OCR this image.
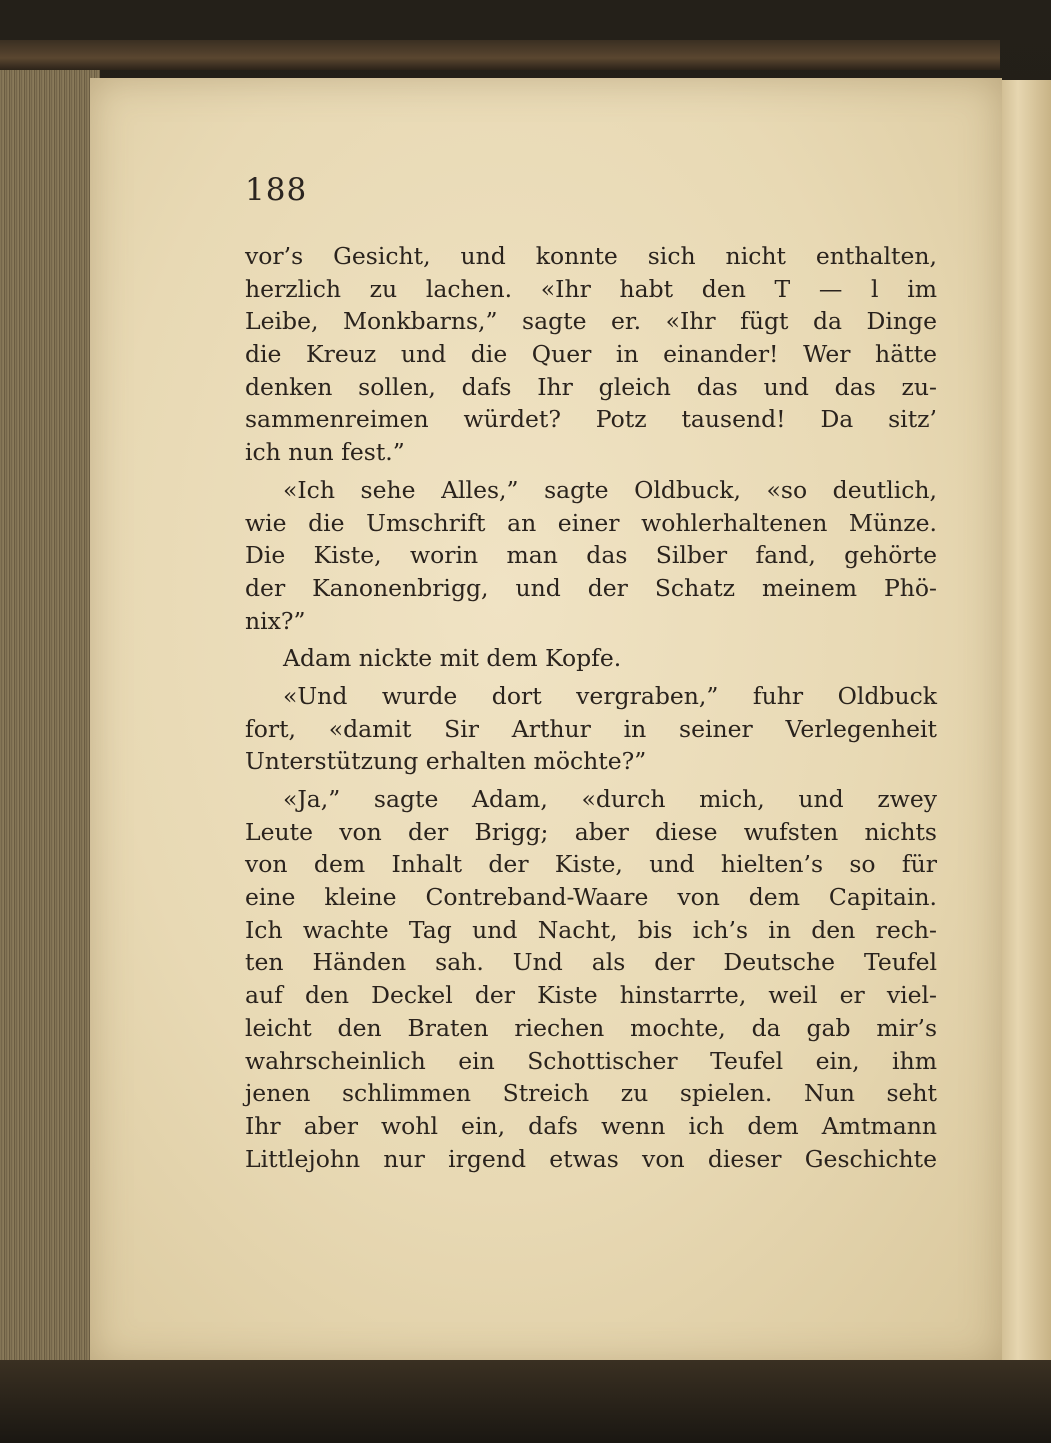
188
vor’s Gesicht, und konnte sich nicht enthalten,
herzlich zu lachen. «Ihr habt den T — l im
Leibe, Monkbarns,” sagte er. «Ihr fügt da Dinge
die Kreuz und die Quer in einander! Wer hätte
denken sollen, dafs Ihr gleich das und das zu-
sammenreimen würdet? Potz tausend! Da sitz’
ich nun fest.”
«Ich sehe Alles,” sagte Oldbuck, «so deutlich,
wie die Umschrift an einer wohlerhaltenen Münze.
Die Kiste, worin man das Silber fand, gehörte
der Kanonenbrigg, und der Schatz meinem Phö-
nix?”
Adam nickte mit dem Kopfe.
«Und wurde dort vergraben,” fuhr Oldbuck
fort, «damit Sir Arthur in seiner Verlegenheit
Unterstützung erhalten möchte?”
«Ja,” sagte Adam, «durch mich, und zwey
Leute von der Brigg; aber diese wufsten nichts
von dem Inhalt der Kiste, und hielten’s so für
eine kleine Contreband-Waare von dem Capitain.
Ich wachte Tag und Nacht, bis ich’s in den rech-
ten Händen sah. Und als der Deutsche Teufel
auf den Deckel der Kiste hinstarrte, weil er viel-
leicht den Braten riechen mochte, da gab mir’s
wahrscheinlich ein Schottischer Teufel ein, ihm
jenen schlimmen Streich zu spielen. Nun seht
Ihr aber wohl ein, dafs wenn ich dem Amtmann
Littlejohn nur irgend etwas von dieser Geschichte
